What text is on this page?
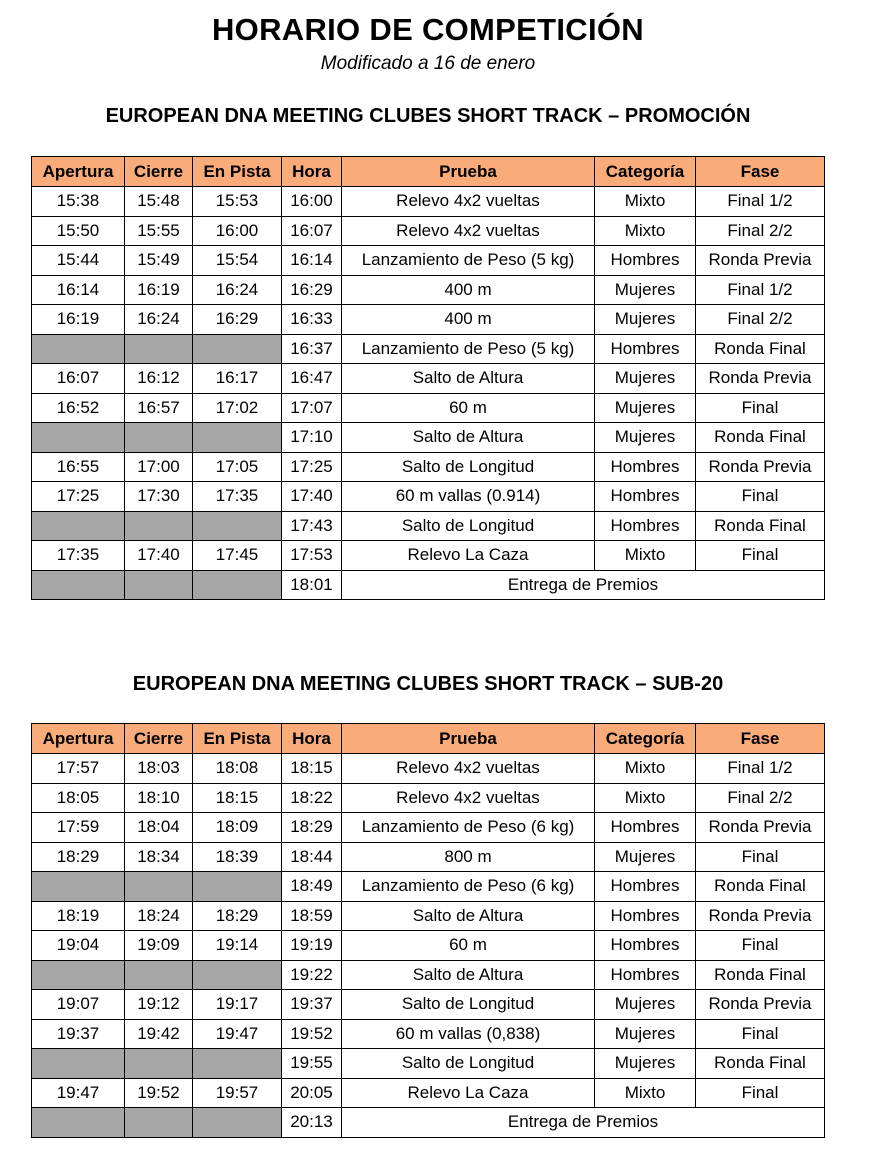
HORARIO DE COMPETICIÓN
Modificado a 16 de enero
EUROPEAN DNA MEETING CLUBES SHORT TRACK – PROMOCIÓN
Apertura	Cierre	En Pista	Hora	Prueba	Categoría	Fase
15:38	15:48	15:53	16:00	Relevo 4x2 vueltas	Mixto	Final 1/2
15:50	15:55	16:00	16:07	Relevo 4x2 vueltas	Mixto	Final 2/2
15:44	15:49	15:54	16:14	Lanzamiento de Peso (5 kg)	Hombres	Ronda Previa
16:14	16:19	16:24	16:29	400 m	Mujeres	Final 1/2
16:19	16:24	16:29	16:33	400 m	Mujeres	Final 2/2
			16:37	Lanzamiento de Peso (5 kg)	Hombres	Ronda Final
16:07	16:12	16:17	16:47	Salto de Altura	Mujeres	Ronda Previa
16:52	16:57	17:02	17:07	60 m	Mujeres	Final
			17:10	Salto de Altura	Mujeres	Ronda Final
16:55	17:00	17:05	17:25	Salto de Longitud	Hombres	Ronda Previa
17:25	17:30	17:35	17:40	60 m vallas (0.914)	Hombres	Final
			17:43	Salto de Longitud	Hombres	Ronda Final
17:35	17:40	17:45	17:53	Relevo La Caza	Mixto	Final
			18:01	Entrega de Premios		
EUROPEAN DNA MEETING CLUBES SHORT TRACK – SUB-20
Apertura	Cierre	En Pista	Hora	Prueba	Categoría	Fase
17:57	18:03	18:08	18:15	Relevo 4x2 vueltas	Mixto	Final 1/2
18:05	18:10	18:15	18:22	Relevo 4x2 vueltas	Mixto	Final 2/2
17:59	18:04	18:09	18:29	Lanzamiento de Peso (6 kg)	Hombres	Ronda Previa
18:29	18:34	18:39	18:44	800 m	Mujeres	Final
			18:49	Lanzamiento de Peso (6 kg)	Hombres	Ronda Final
18:19	18:24	18:29	18:59	Salto de Altura	Hombres	Ronda Previa
19:04	19:09	19:14	19:19	60 m	Hombres	Final
			19:22	Salto de Altura	Hombres	Ronda Final
19:07	19:12	19:17	19:37	Salto de Longitud	Mujeres	Ronda Previa
19:37	19:42	19:47	19:52	60 m vallas (0,838)	Mujeres	Final
			19:55	Salto de Longitud	Mujeres	Ronda Final
19:47	19:52	19:57	20:05	Relevo La Caza	Mixto	Final
			20:13	Entrega de Premios		
